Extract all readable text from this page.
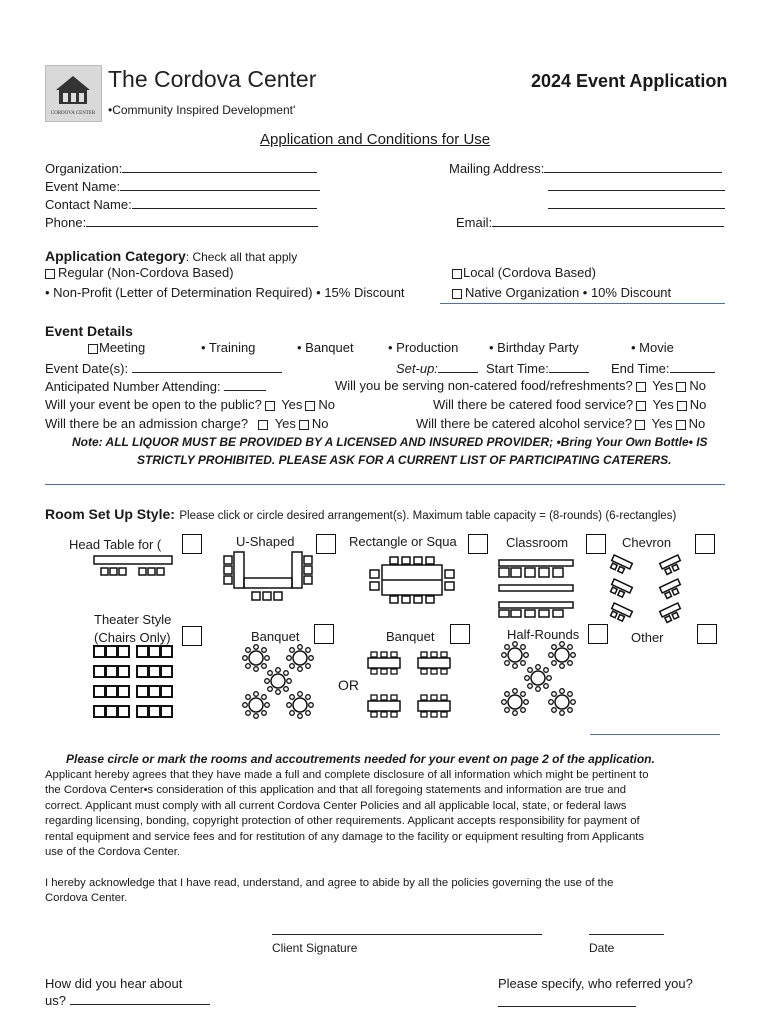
CORDOVA CENTER
The Cordova Center
•Community Inspired Development'
2024 Event Application
Application and Conditions for Use
Organization:
Event Name:
Contact Name:
Phone:
Mailing Address:
Email:
Application Category: Check all that apply
Regular (Non-Cordova Based)	Local (Cordova Based)
• Non-Profit (Letter of Determination Required) • 15% Discount	Native Organization • 10% Discount
Event Details
Meeting	• Training	• Banquet	• Production • Birthday Party	• Movie
Event Date(s):	Set-up:	Start Time:	End Time:
Anticipated Number Attending:	Will you be serving non-catered food/refreshments? Yes No
Will your event be open to the public? Yes No	Will there be catered food service? Yes No
Will there be an admission charge? Yes No	Will there be catered alcohol service? Yes No
Note: ALL LIQUOR MUST BE PROVIDED BY A LICENSED AND INSURED PROVIDER; •Bring Your Own Bottle• IS
STRICTLY PROHIBITED. PLEASE ASK FOR A CURRENT LIST OF PARTICIPATING CATERERS.
Room Set Up Style: Please click or circle desired arrangement(s). Maximum table capacity = (8-rounds) (6-rectangles)
Head Table for (	U-Shaped	Rectangle or Squa	Classroom	Chevron
Theater Style
(Chairs Only)	Banquet	Banquet	Half-Rounds	Other
OR
Please circle or mark the rooms and accoutrements needed for your event on page 2 of the application.
Applicant hereby agrees that they have made a full and complete disclosure of all information which might be pertinent to
the Cordova Center•s consideration of this application and that all foregoing statements and information are true and
correct. Applicant must comply with all current Cordova Center Policies and all applicable local, state, or federal laws
regarding licensing, bonding, copyright protection of other requirements. Applicant accepts responsibility for payment of
rental equipment and service fees and for restitution of any damage to the facility or equipment resulting from Applicants
use of the Cordova Center.
I hereby acknowledge that I have read, understand, and agree to abide by all the policies governing the use of the
Cordova Center.
Client Signature	Date
How did you hear about
us?
Please specify, who referred you?
